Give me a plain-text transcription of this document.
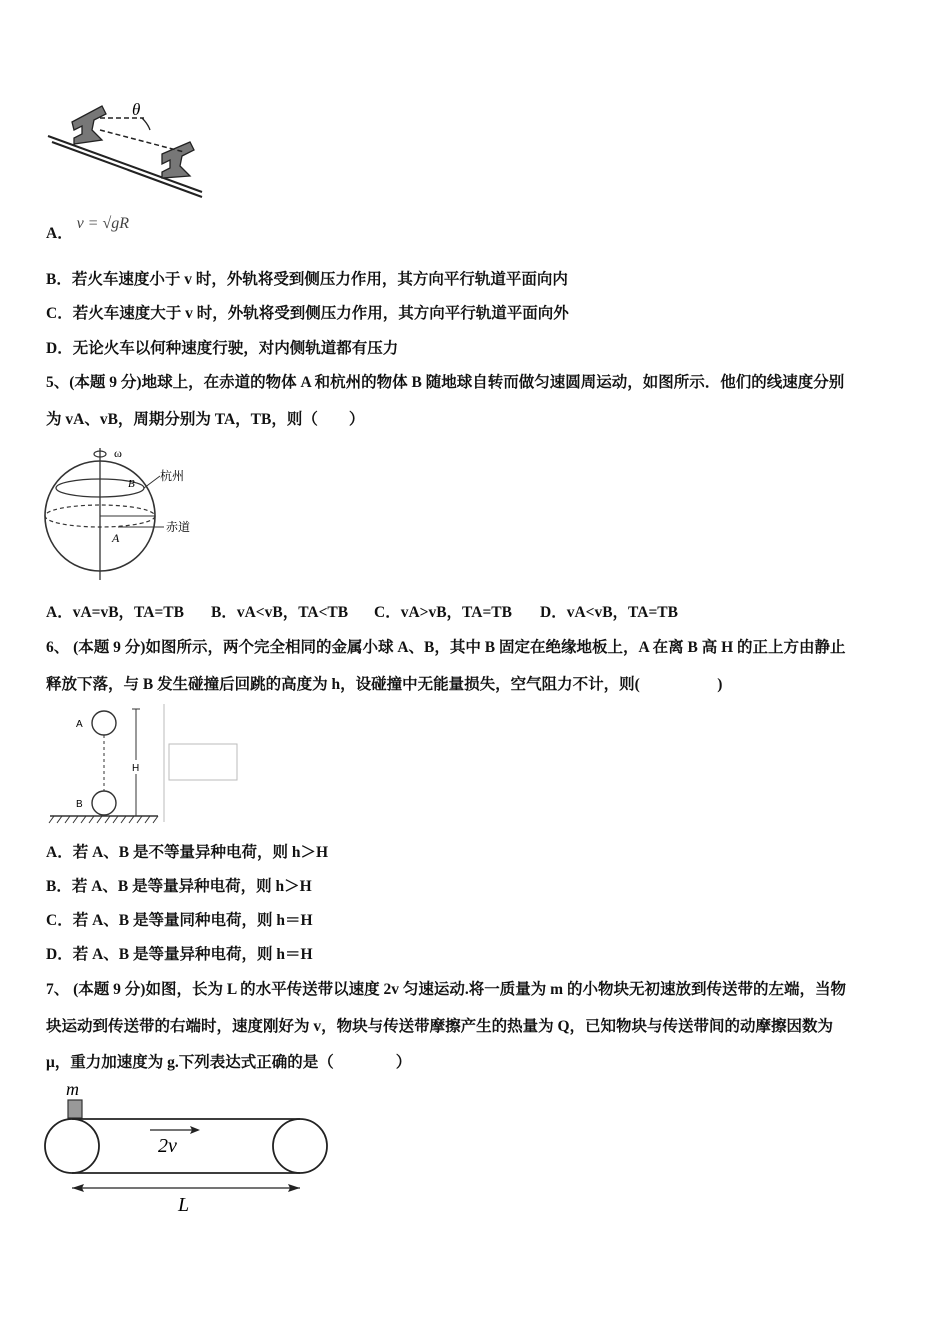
θ
A． v = √gR
B．若火车速度小于 v 时，外轨将受到侧压力作用，其方向平行轨道平面向内
C．若火车速度大于 v 时，外轨将受到侧压力作用，其方向平行轨道平面向外
D．无论火车以何种速度行驶，对内侧轨道都有压力
5、(本题 9 分)地球上，在赤道的物体 A 和杭州的物体 B 随地球自转而做匀速圆周运动，如图所示．他们的线速度分别
为 vA、vB，周期分别为 TA，TB，则（　　）
ω
杭州
赤道
B
A
A．vA=vB，TA=TB B．vA<vB，TA<TB C．vA>vB，TA=TB D．vA<vB，TA=TB
6、 (本题 9 分)如图所示，两个完全相同的金属小球 A、B，其中 B 固定在绝缘地板上，A 在离 B 高 H 的正上方由静止
释放下落，与 B 发生碰撞后回跳的高度为 h，设碰撞中无能量损失，空气阻力不计，则(　　　　　)
A
B
H
A．若 A、B 是不等量异种电荷，则 h＞H
B．若 A、B 是等量异种电荷，则 h＞H
C．若 A、B 是等量同种电荷，则 h＝H
D．若 A、B 是等量异种电荷，则 h＝H
7、 (本题 9 分)如图，长为 L 的水平传送带以速度 2v 匀速运动.将一质量为 m 的小物块无初速放到传送带的左端，当物
块运动到传送带的右端时，速度刚好为 v，物块与传送带摩擦产生的热量为 Q，已知物块与传送带间的动摩擦因数为
μ，重力加速度为 g.下列表达式正确的是（　　　　）
m
2v
L
